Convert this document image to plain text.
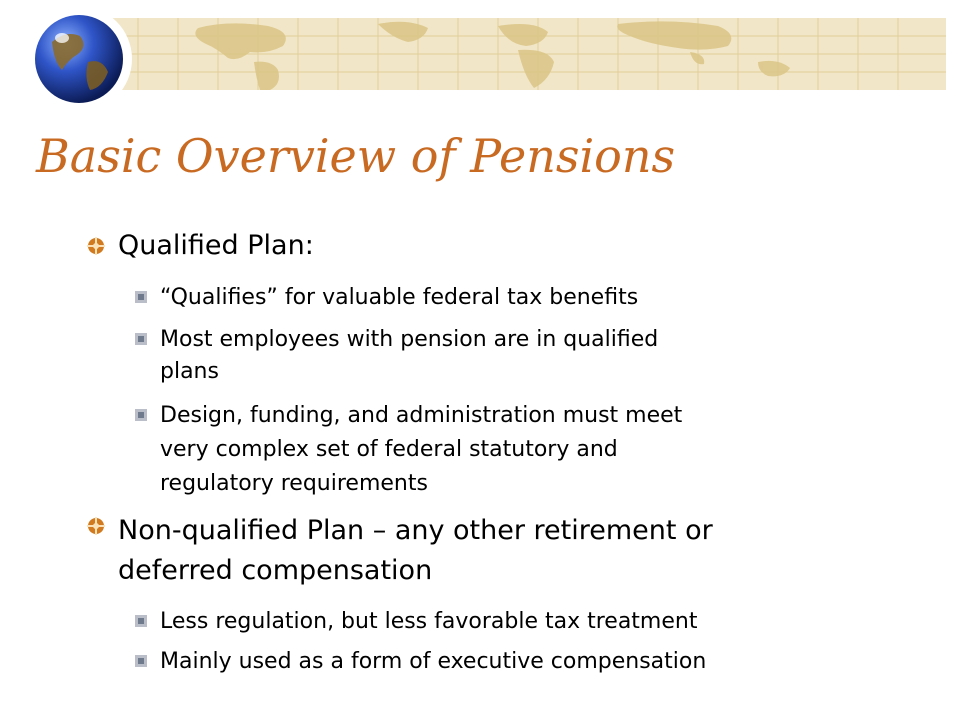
Basic Overview of Pensions

Qualified Plan:

“Qualifies” for valuable federal tax benefits

Most employees with pension are in qualified

plans

Design, funding, and administration must meet

very complex set of federal statutory and

regulatory requirements

Non-qualified Plan – any other retirement or

deferred compensation

Less regulation, but less favorable tax treatment

Mainly used as a form of executive compensation
